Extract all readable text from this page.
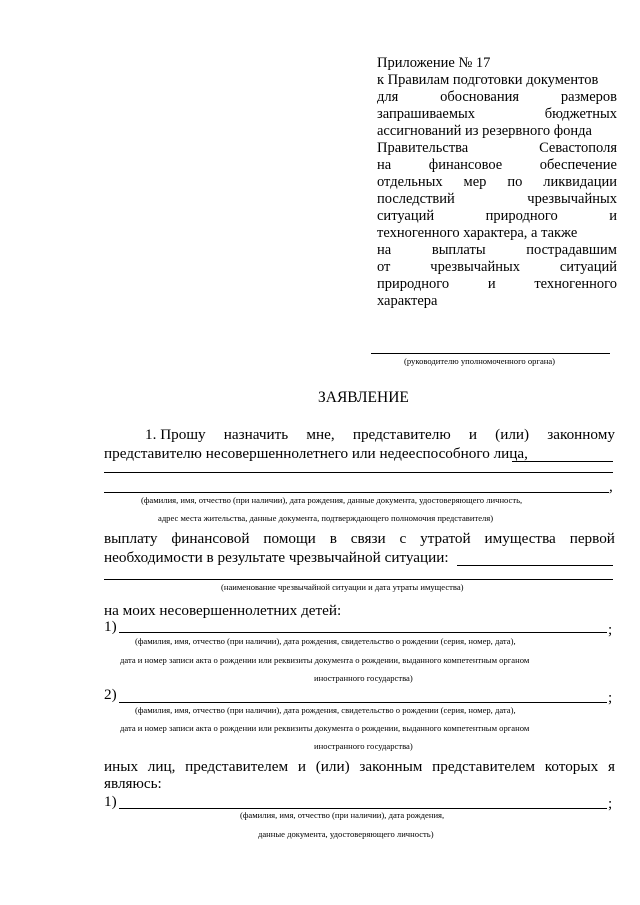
Приложение № 17
к Правилам подготовки документов
для	обоснования	размеров
запрашиваемых	бюджетных
ассигнований из резервного фонда
Правительства	Севастополя
на	финансовое	обеспечение
отдельных мер по ликвидации
последствий	чрезвычайных
ситуаций	природного	и
техногенного характера, а также
на	выплаты	пострадавшим
от	чрезвычайных	ситуаций
природного	и	техногенного
характера
(руководителю уполномоченного органа)
ЗАЯВЛЕНИЕ
1. Прошу назначить мне, представителю и (или) законному
представителю несовершеннолетнего или недееспособного лица,
,
(фамилия, имя, отчество (при наличии), дата рождения, данные документа, удостоверяющего личность,
адрес места жительства, данные документа, подтверждающего полномочия представителя)
выплату финансовой помощи в связи с утратой имущества первой
необходимости в результате чрезвычайной ситуации:
(наименование чрезвычайной ситуации и дата утраты имущества)
на моих несовершеннолетних детей:
1)	;
(фамилия, имя, отчество (при наличии), дата рождения, свидетельство о рождении (серия, номер, дата),
дата и номер записи акта о рождении или реквизиты документа о рождении, выданного компетентным органом
иностранного государства)
2)	;
(фамилия, имя, отчество (при наличии), дата рождения, свидетельство о рождении (серия, номер, дата),
дата и номер записи акта о рождении или реквизиты документа о рождении, выданного компетентным органом
иностранного государства)
иных лиц, представителем и (или) законным представителем которых я
являюсь:
1)	;
(фамилия, имя, отчество (при наличии), дата рождения,
данные документа, удостоверяющего личность)
